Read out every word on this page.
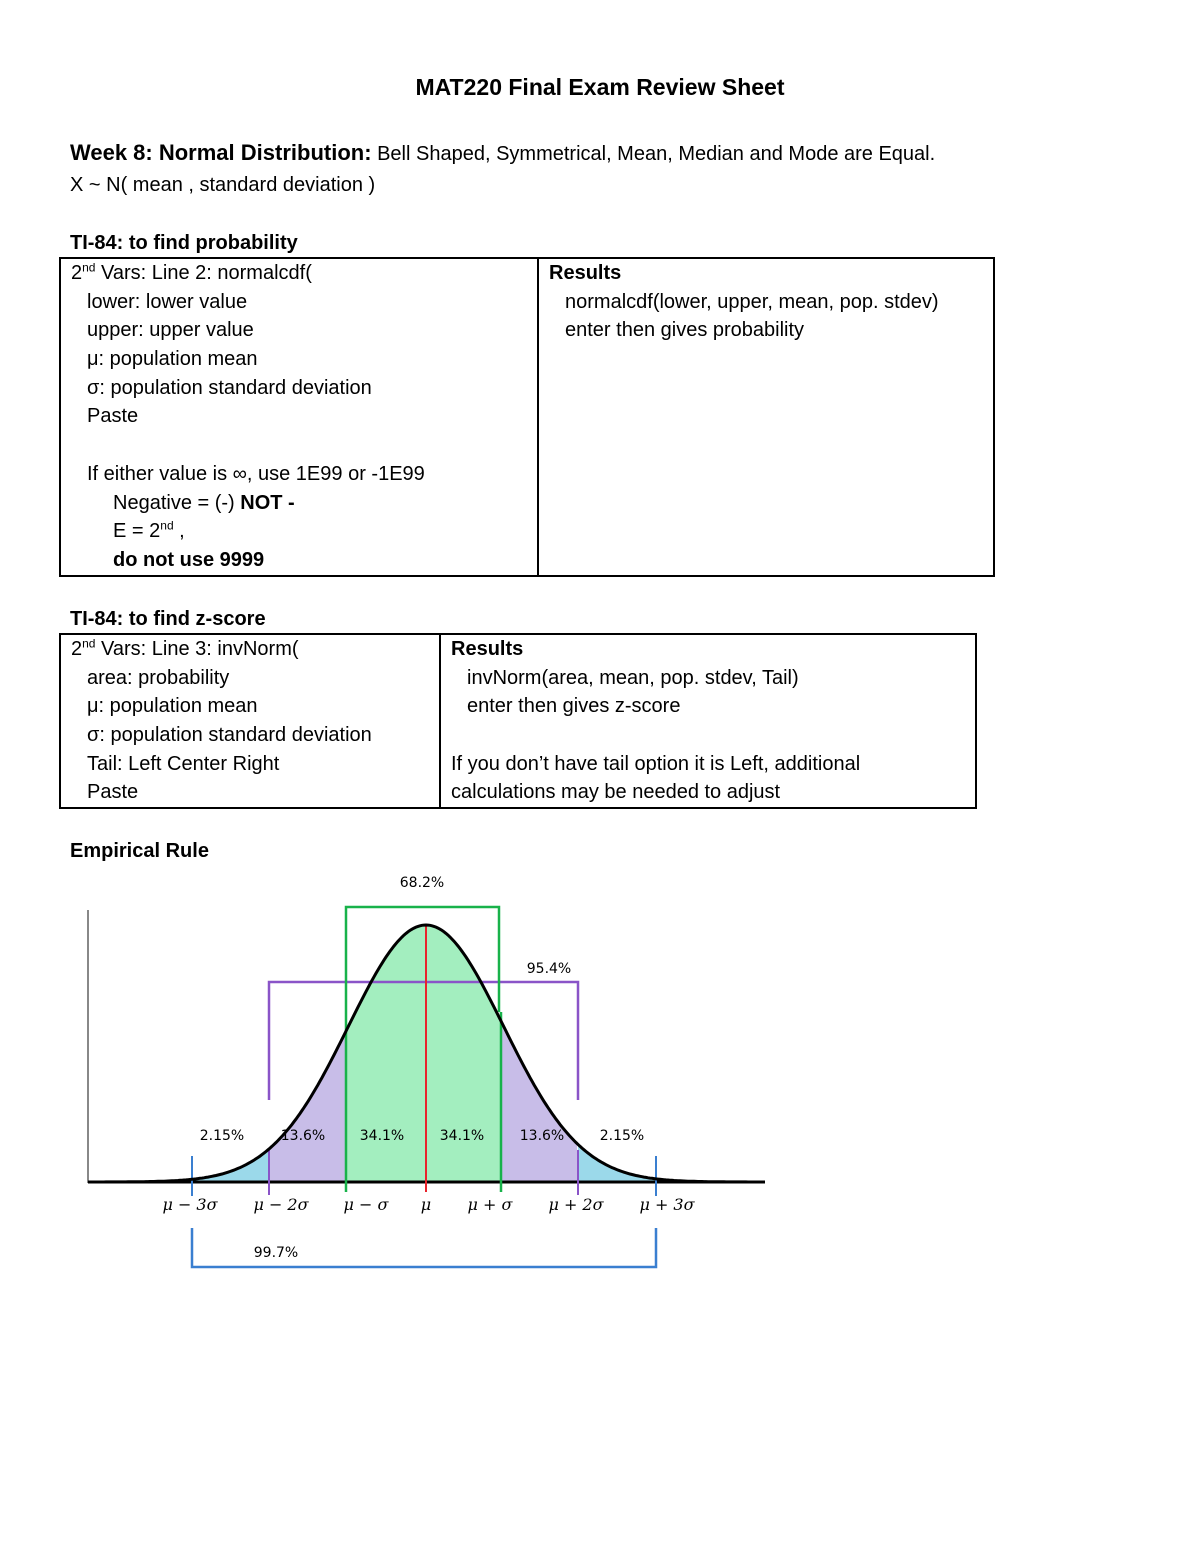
MAT220 Final Exam Review Sheet
Week 8: Normal Distribution: Bell Shaped, Symmetrical, Mean, Median and Mode are Equal.
X ~ N( mean , standard deviation )
TI-84: to find probability
2nd Vars: Line 2: normalcdf(
lower: lower value
upper: upper value
μ: population mean
σ: population standard deviation
Paste
If either value is ∞, use 1E99 or -1E99
Negative = (-) NOT -
E = 2nd ,
do not use 9999

Results
normalcdf(lower, upper, mean, pop. stdev)
enter then gives probability
TI-84: to find z-score
2nd Vars: Line 3: invNorm(
area: probability
μ: population mean
σ: population standard deviation
Tail: Left Center Right
Paste

Results
invNorm(area, mean, pop. stdev, Tail)
enter then gives z-score
If you don’t have tail option it is Left, additional
calculations may be needed to adjust
Empirical Rule
68.2%
95.4%
99.7%
2.15%	13.6% 34.1%	34.1%	13.6%	2.15%
μ − 3σ μ − 2σ μ − σ μ μ + σ μ + 2σ μ + 3σ
